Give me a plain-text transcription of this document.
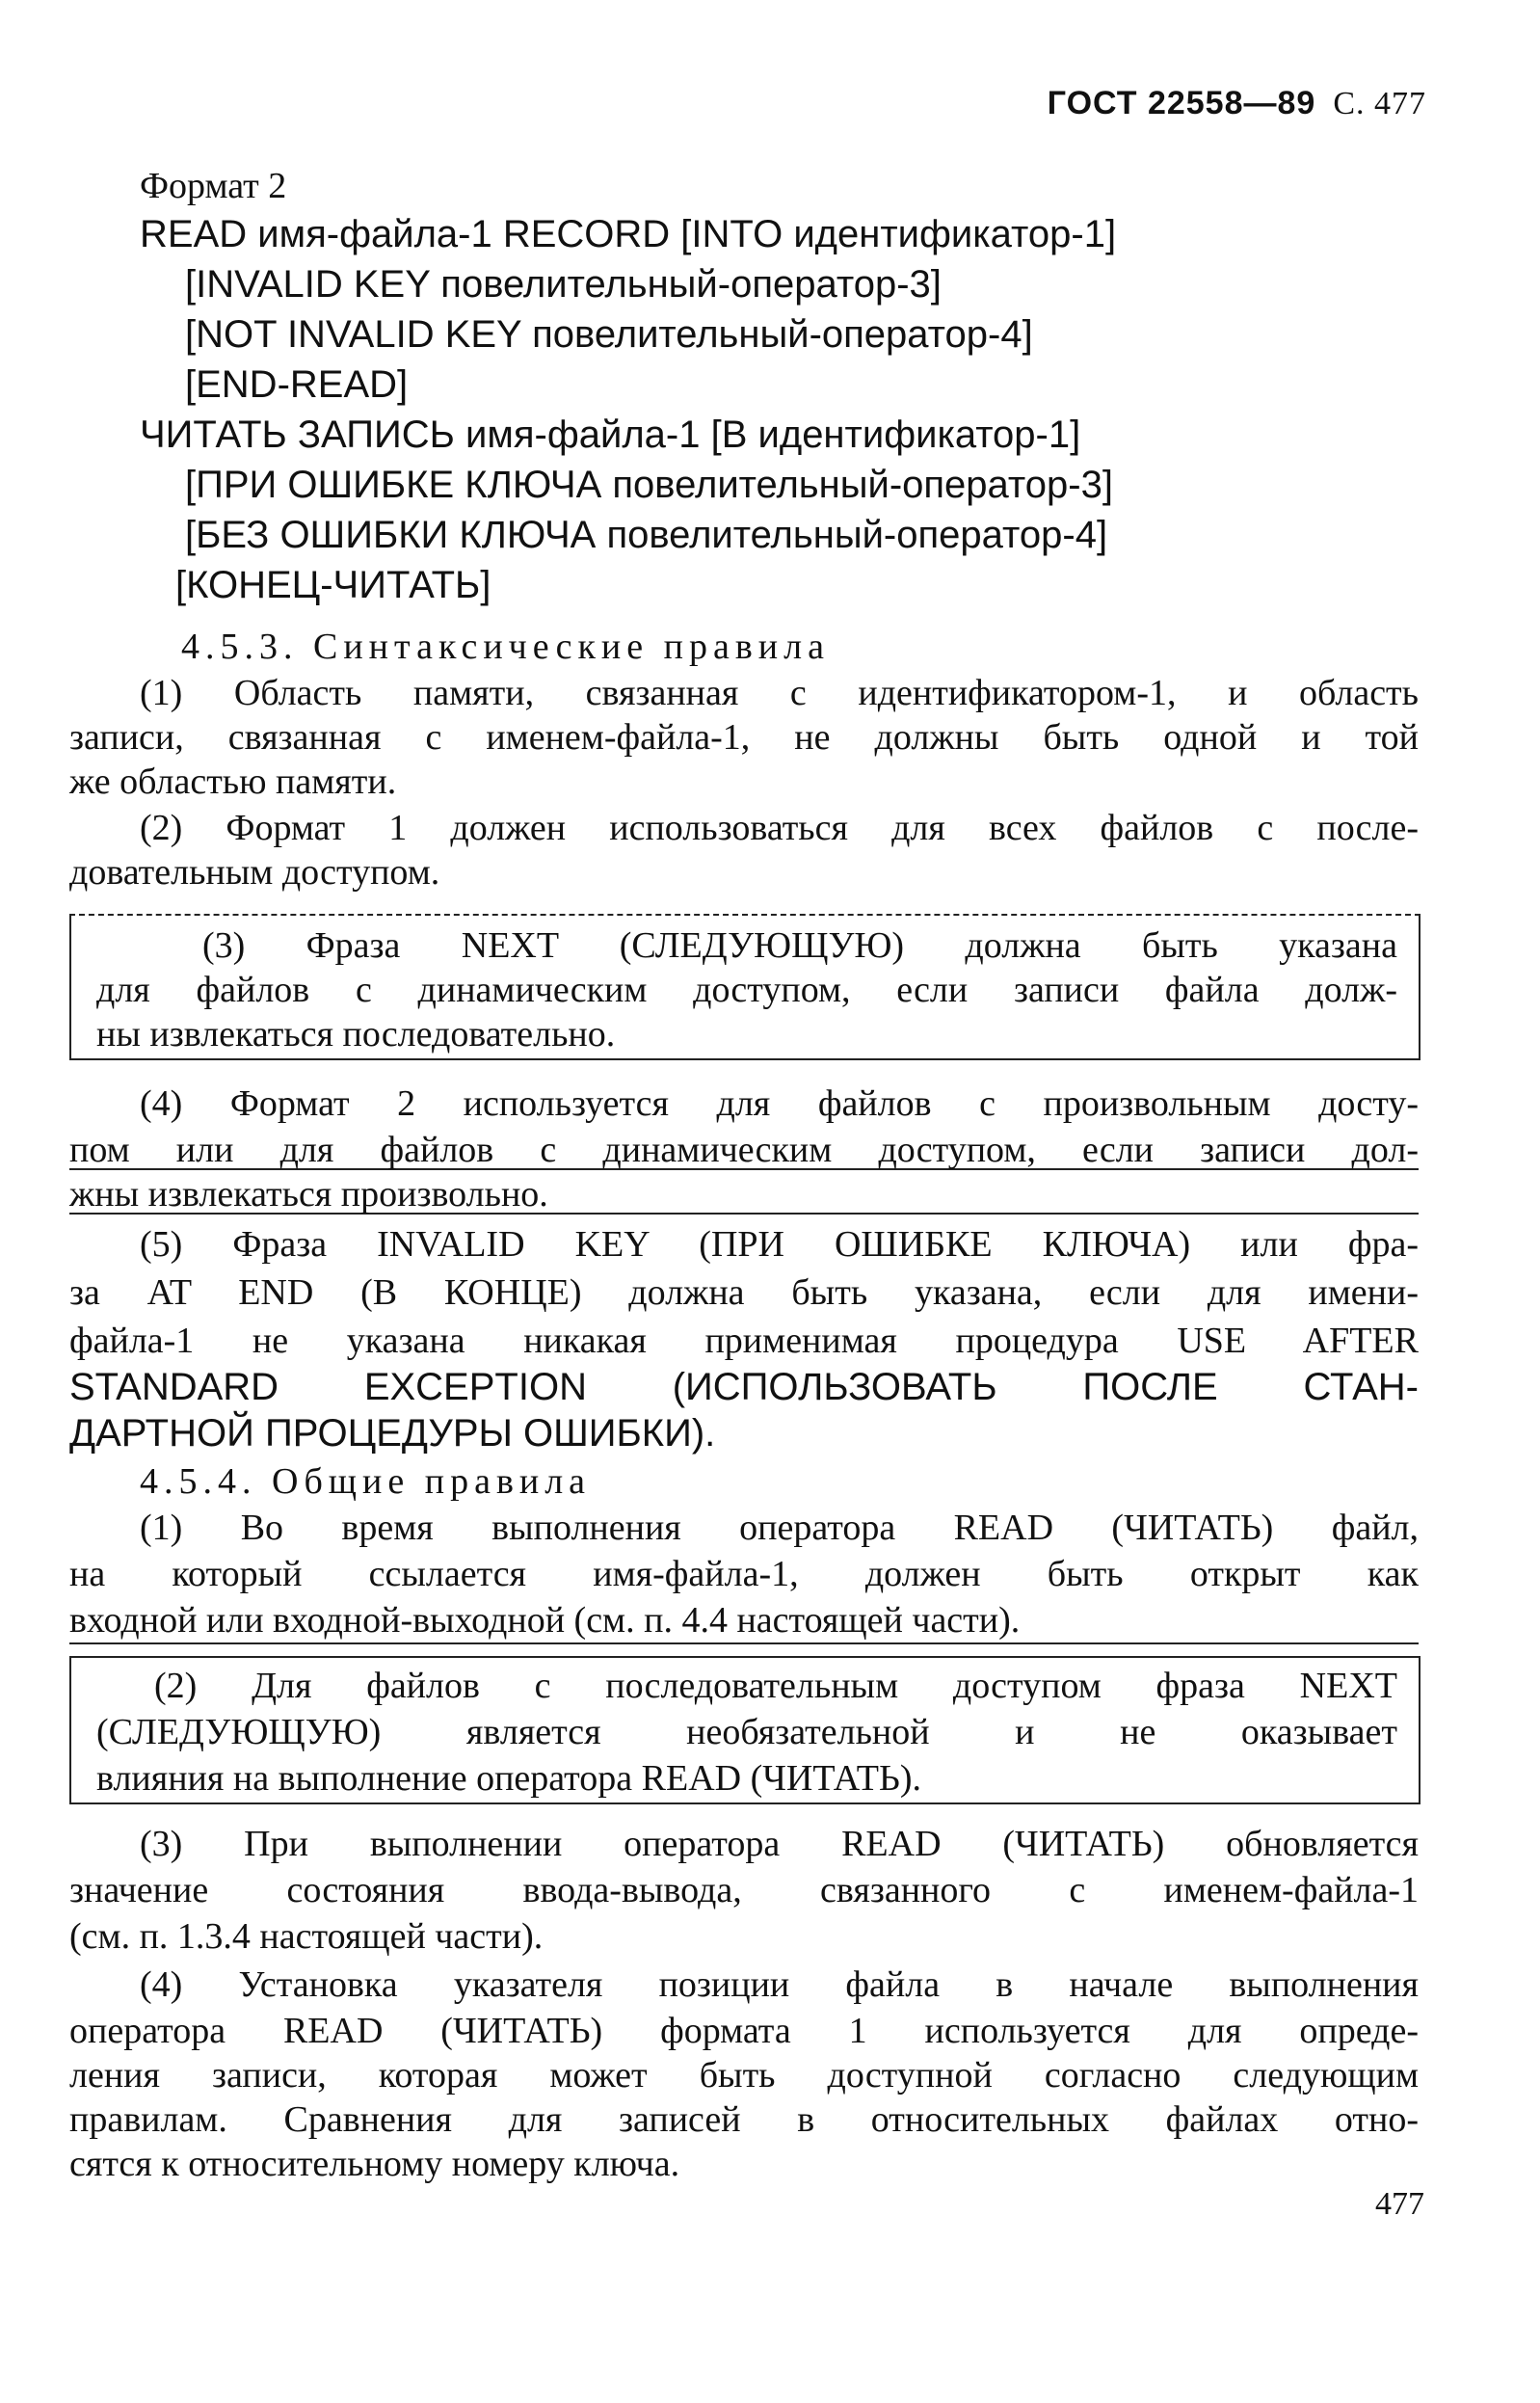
ГОСТ 22558—89 С. 477
Формат 2
READ имя-файла-1 RECORD [INTO идентификатор-1]
[INVALID KEY повелительный-оператор-3]
[NOT INVALID KEY повелительный-оператор-4]
[END-READ]
ЧИТАТЬ ЗАПИСЬ имя-файла-1 [В идентификатор-1]
[ПРИ ОШИБКЕ КЛЮЧА повелительный-оператор-3]
[БЕЗ ОШИБКИ КЛЮЧА повелительный-оператор-4]
[КОНЕЦ-ЧИТАТЬ]
4.5.3. Синтаксические правила
(1) Область памяти, связанная с идентификатором-1, и область
записи, связанная с именем-файла-1, не должны быть одной и той
же областью памяти.
(2) Формат 1 должен использоваться для всех файлов с после-
довательным доступом.
(3) Фраза NEXT (СЛЕДУЮЩУЮ) должна быть указана
для файлов с динамическим доступом, если записи файла долж-
ны извлекаться последовательно.
(4) Формат 2 используется для файлов с произвольным досту-
пом или для файлов с динамическим доступом, если записи дол-
жны извлекаться произвольно.
(5) Фраза INVALID KEY (ПРИ ОШИБКЕ КЛЮЧА) или фра-
за AT END (В КОНЦЕ) должна быть указана, если для имени-
файла-1 не указана никакая применимая процедура USE AFTER
STANDARD EXCEPTION (ИСПОЛЬЗОВАТЬ ПОСЛЕ СТАН-
ДАРТНОЙ ПРОЦЕДУРЫ ОШИБКИ).
4.5.4. Общие правила
(1) Во время выполнения оператора READ (ЧИТАТЬ) файл,
на который ссылается имя-файла-1, должен быть открыт как
входной или входной-выходной (см. п. 4.4 настоящей части).
(2) Для файлов с последовательным доступом фраза NEXT
(СЛЕДУЮЩУЮ) является необязательной и не оказывает
влияния на выполнение оператора READ (ЧИТАТЬ).
(3) При выполнении оператора READ (ЧИТАТЬ) обновляется
значение состояния ввода-вывода, связанного с именем-файла-1
(см. п. 1.3.4 настоящей части).
(4) Установка указателя позиции файла в начале выполнения
оператора READ (ЧИТАТЬ) формата 1 используется для опреде-
ления записи, которая может быть доступной согласно следующим
правилам. Сравнения для записей в относительных файлах отно-
сятся к относительному номеру ключа.
477
